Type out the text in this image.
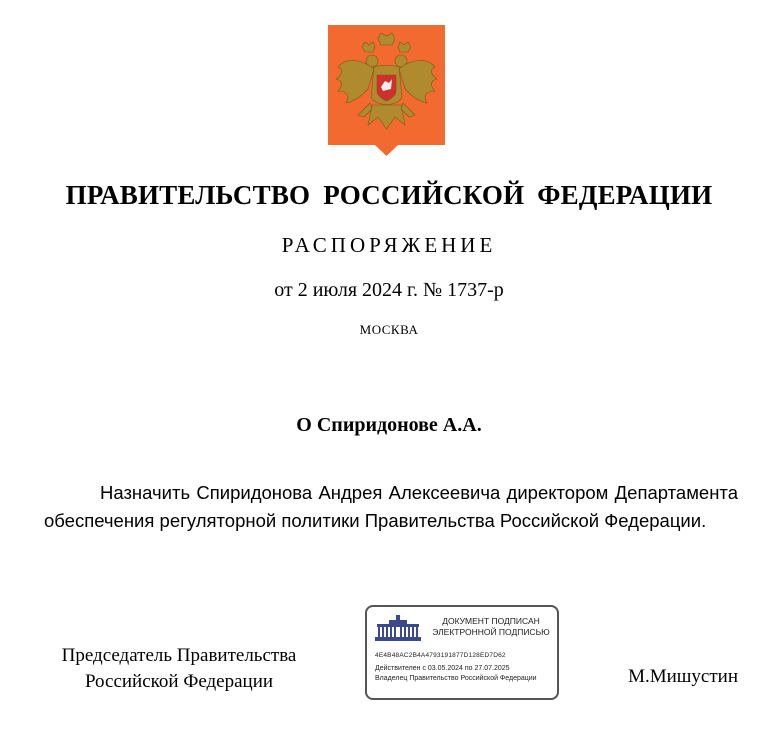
ПРАВИТЕЛЬСТВО РОССИЙСКОЙ ФЕДЕРАЦИИ
РАСПОРЯЖЕНИЕ
от 2 июля 2024 г. № 1737-р
МОСКВА
О Спиридонове А.А.

Назначить Спиридонова Андрея Алексеевича директором Департамента обеспечения регуляторной политики Правительства Российской Федерации.

Председатель Правительства
Российской Федерации	М.Мишустин
ДОКУМЕНТ ПОДПИСАН
ЭЛЕКТРОННОЙ ПОДПИСЬЮ
4E4B48AC2B4A4793191877D128ED7D62
Действителен с 03.05.2024 по 27.07.2025
Владелец Правительство Российской Федерации
